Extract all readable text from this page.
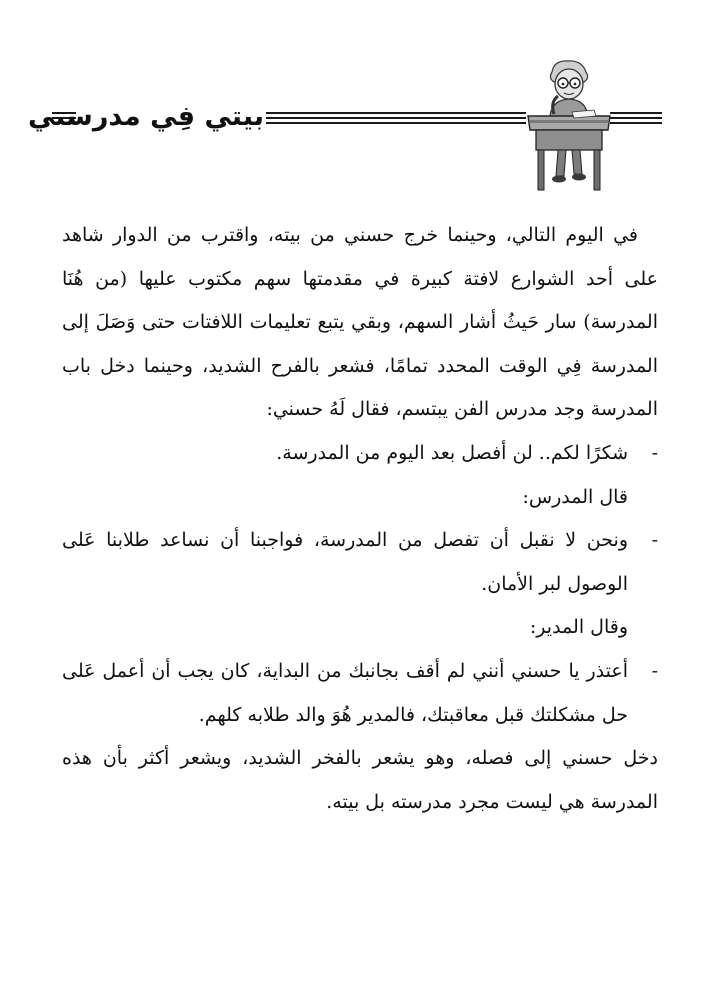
بيتي فِي مدرستي

في اليوم التالي، وحينما خرج حسني من بيته، واقترب من الدوار شاهد على أحد الشوارع لافتة كبيرة في مقدمتها سهم مكتوب عليها (من هُنَا المدرسة) سار حَيثُ أشار السهم، وبقي يتبع تعليمات اللافتات حتى وَصَلَ إلى المدرسة فِي الوقت المحدد تمامًا، فشعر بالفرح الشديد، وحينما دخل باب المدرسة وجد مدرس الفن يبتسم، فقال لَهُ حسني:

-
شكرًا لكم.. لن أفصل بعد اليوم من المدرسة.

قال المدرس:

-
ونحن لا نقبل أن تفصل من المدرسة، فواجبنا أن نساعد طلابنا عَلى الوصول لبر الأمان.

وقال المدير:

-
أعتذر يا حسني أنني لم أقف بجانبك من البداية، كان يجب أن أعمل عَلى حل مشكلتك قبل معاقبتك، فالمدير هُوَ والد طلابه كلهم.

دخل حسني إلى فصله، وهو يشعر بالفخر الشديد، ويشعر أكثر بأن هذه المدرسة هي ليست مجرد مدرسته بل بيته.
